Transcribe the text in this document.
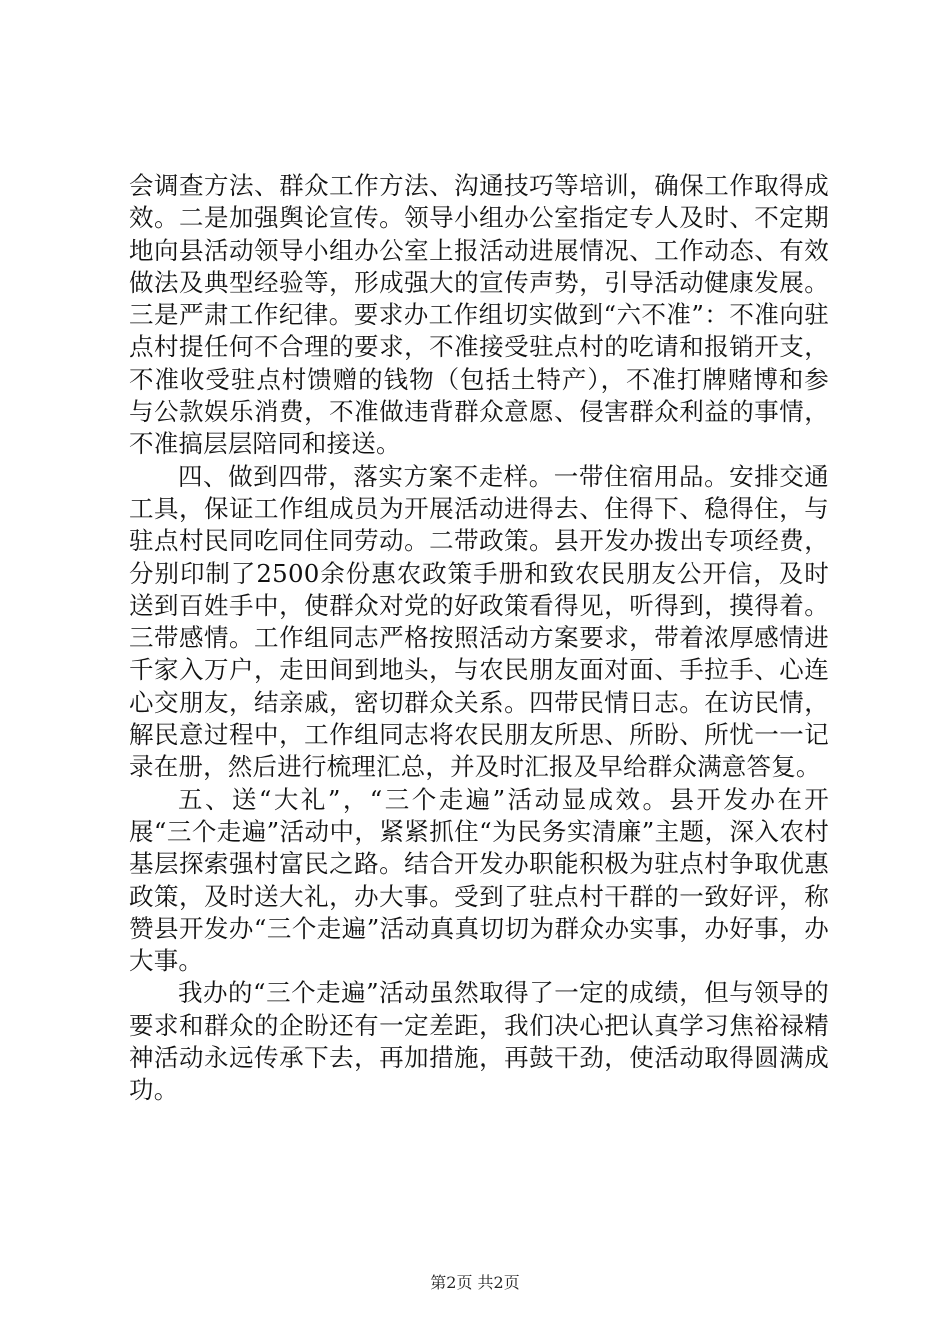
会调查方法、群众工作方法、沟通技巧等培训，确保工作取得成效。二是加强舆论宣传。领导小组办公室指定专人及时、不定期地向县活动领导小组办公室上报活动进展情况、工作动态、有效做法及典型经验等，形成强大的宣传声势，引导活动健康发展。三是严肃工作纪律。要求办工作组切实做到“六不准”：不准向驻点村提任何不合理的要求，不准接受驻点村的吃请和报销开支，不准收受驻点村馈赠的钱物（包括土特产），不准打牌赌博和参与公款娱乐消费，不准做违背群众意愿、侵害群众利益的事情，不准搞层层陪同和接送。

四、做到四带，落实方案不走样。一带住宿用品。安排交通工具，保证工作组成员为开展活动进得去、住得下、稳得住，与驻点村民同吃同住同劳动。二带政策。县开发办拨出专项经费，分别印制了2500余份惠农政策手册和致农民朋友公开信，及时送到百姓手中，使群众对党的好政策看得见，听得到，摸得着。三带感情。工作组同志严格按照活动方案要求，带着浓厚感情进千家入万户，走田间到地头，与农民朋友面对面、手拉手、心连心交朋友，结亲戚，密切群众关系。四带民情日志。在访民情，解民意过程中，工作组同志将农民朋友所思、所盼、所忧一一记录在册，然后进行梳理汇总，并及时汇报及早给群众满意答复。

五、送“大礼”，“三个走遍”活动显成效。县开发办在开展“三个走遍”活动中，紧紧抓住“为民务实清廉”主题，深入农村基层探索强村富民之路。结合开发办职能积极为驻点村争取优惠政策，及时送大礼，办大事。受到了驻点村干群的一致好评，称赞县开发办“三个走遍”活动真真切切为群众办实事，办好事，办大事。

我办的“三个走遍”活动虽然取得了一定的成绩，但与领导的要求和群众的企盼还有一定差距，我们决心把认真学习焦裕禄精神活动永远传承下去，再加措施，再鼓干劲，使活动取得圆满成功。

第2页 共2页
